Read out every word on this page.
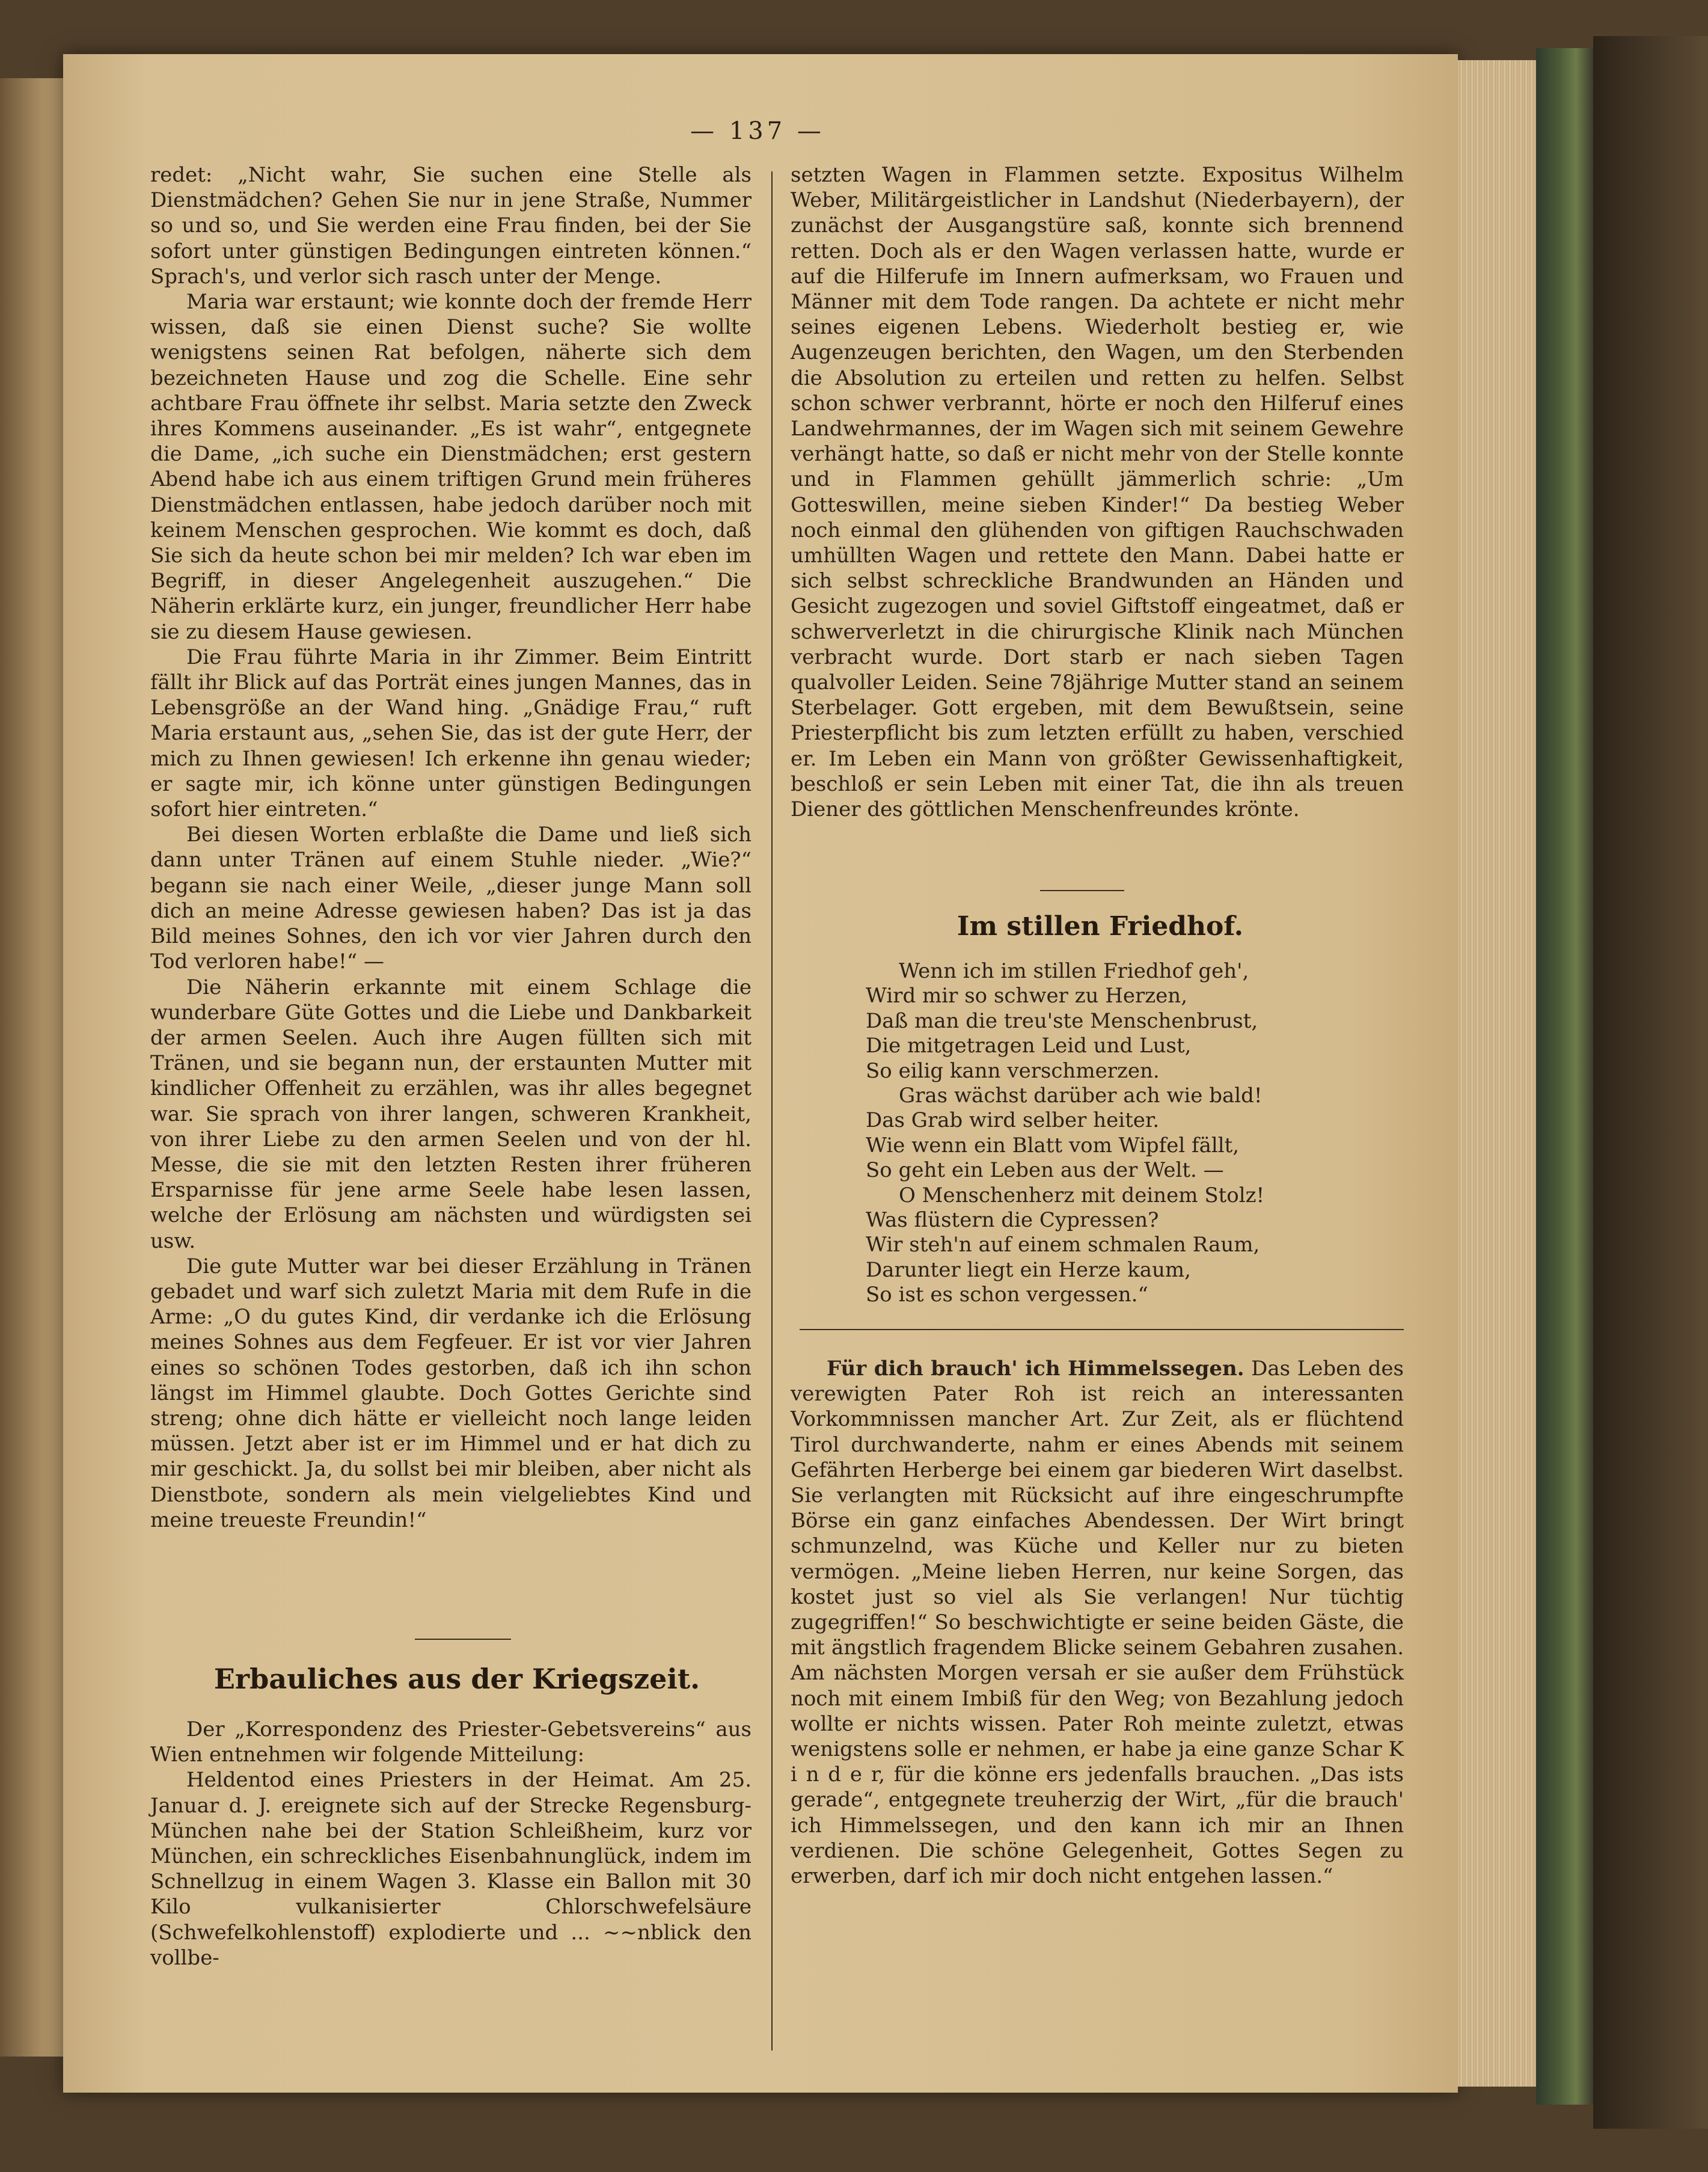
— 137 —

redet: „Nicht wahr, Sie suchen eine Stelle als Dienstmädchen? Gehen Sie nur in jene Straße, Nummer so und so, und Sie werden eine Frau finden, bei der Sie sofort unter günstigen Bedingungen eintreten können.“ Sprach's, und verlor sich rasch unter der Menge.

Maria war erstaunt; wie konnte doch der fremde Herr wissen, daß sie einen Dienst suche? Sie wollte wenigstens seinen Rat befolgen, näherte sich dem bezeichneten Hause und zog die Schelle. Eine sehr achtbare Frau öffnete ihr selbst. Maria setzte den Zweck ihres Kommens auseinander. „Es ist wahr“, entgegnete die Dame, „ich suche ein Dienstmädchen; erst gestern Abend habe ich aus einem triftigen Grund mein früheres Dienstmädchen entlassen, habe jedoch darüber noch mit keinem Menschen gesprochen. Wie kommt es doch, daß Sie sich da heute schon bei mir melden? Ich war eben im Begriff, in dieser Angelegenheit auszugehen.“ Die Näherin erklärte kurz, ein junger, freundlicher Herr habe sie zu diesem Hause gewiesen.

Die Frau führte Maria in ihr Zimmer. Beim Eintritt fällt ihr Blick auf das Porträt eines jungen Mannes, das in Lebensgröße an der Wand hing. „Gnädige Frau,“ ruft Maria erstaunt aus, „sehen Sie, das ist der gute Herr, der mich zu Ihnen gewiesen! Ich erkenne ihn genau wieder; er sagte mir, ich könne unter günstigen Bedingungen sofort hier eintreten.“

Bei diesen Worten erblaßte die Dame und ließ sich dann unter Tränen auf einem Stuhle nieder. „Wie?“ begann sie nach einer Weile, „dieser junge Mann soll dich an meine Adresse gewiesen haben? Das ist ja das Bild meines Sohnes, den ich vor vier Jahren durch den Tod verloren habe!“ —

Die Näherin erkannte mit einem Schlage die wunderbare Güte Gottes und die Liebe und Dankbarkeit der armen Seelen. Auch ihre Augen füllten sich mit Tränen, und sie begann nun, der erstaunten Mutter mit kindlicher Offenheit zu erzählen, was ihr alles begegnet war. Sie sprach von ihrer langen, schweren Krankheit, von ihrer Liebe zu den armen Seelen und von der hl. Messe, die sie mit den letzten Resten ihrer früheren Ersparnisse für jene arme Seele habe lesen lassen, welche der Erlösung am nächsten und würdigsten sei usw.

Die gute Mutter war bei dieser Erzählung in Tränen gebadet und warf sich zuletzt Maria mit dem Rufe in die Arme: „O du gutes Kind, dir verdanke ich die Erlösung meines Sohnes aus dem Fegfeuer. Er ist vor vier Jahren eines so schönen Todes gestorben, daß ich ihn schon längst im Himmel glaubte. Doch Gottes Gerichte sind streng; ohne dich hätte er vielleicht noch lange leiden müssen. Jetzt aber ist er im Himmel und er hat dich zu mir geschickt. Ja, du sollst bei mir bleiben, aber nicht als Dienstbote, sondern als mein vielgeliebtes Kind und meine treueste Freundin!“

Erbauliches aus der Kriegszeit.

Der „Korrespondenz des Priester-Gebetsvereins“ aus Wien entnehmen wir folgende Mitteilung:

Heldentod eines Priesters in der Heimat. Am 25. Januar d. J. ereignete sich auf der Strecke Regensburg-München nahe bei der Station Schleißheim, kurz vor München, ein schreckliches Eisenbahnunglück, indem im Schnellzug in einem Wagen 3. Klasse ein Ballon mit 30 Kilo vulkanisierter Chlorschwefelsäure (Schwefelkohlenstoff) explodierte und ... ~~nblick den vollbe-

setzten Wagen in Flammen setzte. Expositus Wilhelm Weber, Militärgeistlicher in Landshut (Niederbayern), der zunächst der Ausgangstüre saß, konnte sich brennend retten. Doch als er den Wagen verlassen hatte, wurde er auf die Hilferufe im Innern aufmerksam, wo Frauen und Männer mit dem Tode rangen. Da achtete er nicht mehr seines eigenen Lebens. Wiederholt bestieg er, wie Augenzeugen berichten, den Wagen, um den Sterbenden die Absolution zu erteilen und retten zu helfen. Selbst schon schwer verbrannt, hörte er noch den Hilferuf eines Landwehrmannes, der im Wagen sich mit seinem Gewehre verhängt hatte, so daß er nicht mehr von der Stelle konnte und in Flammen gehüllt jämmerlich schrie: „Um Gotteswillen, meine sieben Kinder!“ Da bestieg Weber noch einmal den glühenden von giftigen Rauchschwaden umhüllten Wagen und rettete den Mann. Dabei hatte er sich selbst schreckliche Brandwunden an Händen und Gesicht zugezogen und soviel Giftstoff eingeatmet, daß er schwerverletzt in die chirurgische Klinik nach München verbracht wurde. Dort starb er nach sieben Tagen qualvoller Leiden. Seine 78jährige Mutter stand an seinem Sterbelager. Gott ergeben, mit dem Bewußtsein, seine Priesterpflicht bis zum letzten erfüllt zu haben, verschied er. Im Leben ein Mann von größter Gewissenhaftigkeit, beschloß er sein Leben mit einer Tat, die ihn als treuen Diener des göttlichen Menschenfreundes krönte.

Im stillen Friedhof.
Wenn ich im stillen Friedhof geh',
Wird mir so schwer zu Herzen,
Daß man die treu'ste Menschenbrust,
Die mitgetragen Leid und Lust,
So eilig kann verschmerzen.
Gras wächst darüber ach wie bald!
Das Grab wird selber heiter.
Wie wenn ein Blatt vom Wipfel fällt,
So geht ein Leben aus der Welt. —
O Menschenherz mit deinem Stolz!
Was flüstern die Cypressen?
Wir steh'n auf einem schmalen Raum,
Darunter liegt ein Herze kaum,
So ist es schon vergessen.“

Für dich brauch' ich Himmelssegen. Das Leben des verewigten Pater Roh ist reich an interessanten Vorkommnissen mancher Art. Zur Zeit, als er flüchtend Tirol durchwanderte, nahm er eines Abends mit seinem Gefährten Herberge bei einem gar biederen Wirt daselbst. Sie verlangten mit Rücksicht auf ihre eingeschrumpfte Börse ein ganz einfaches Abendessen. Der Wirt bringt schmunzelnd, was Küche und Keller nur zu bieten vermögen. „Meine lieben Herren, nur keine Sorgen, das kostet just so viel als Sie verlangen! Nur tüchtig zugegriffen!“ So beschwichtigte er seine beiden Gäste, die mit ängstlich fragendem Blicke seinem Gebahren zusahen. Am nächsten Morgen versah er sie außer dem Frühstück noch mit einem Imbiß für den Weg; von Bezahlung jedoch wollte er nichts wissen. Pater Roh meinte zuletzt, etwas wenigstens solle er nehmen, er habe ja eine ganze Schar K i n d e r, für die könne ers jedenfalls brauchen. „Das ists gerade“, entgegnete treuherzig der Wirt, „für die brauch' ich Himmelssegen, und den kann ich mir an Ihnen verdienen. Die schöne Gelegenheit, Gottes Segen zu erwerben, darf ich mir doch nicht entgehen lassen.“
